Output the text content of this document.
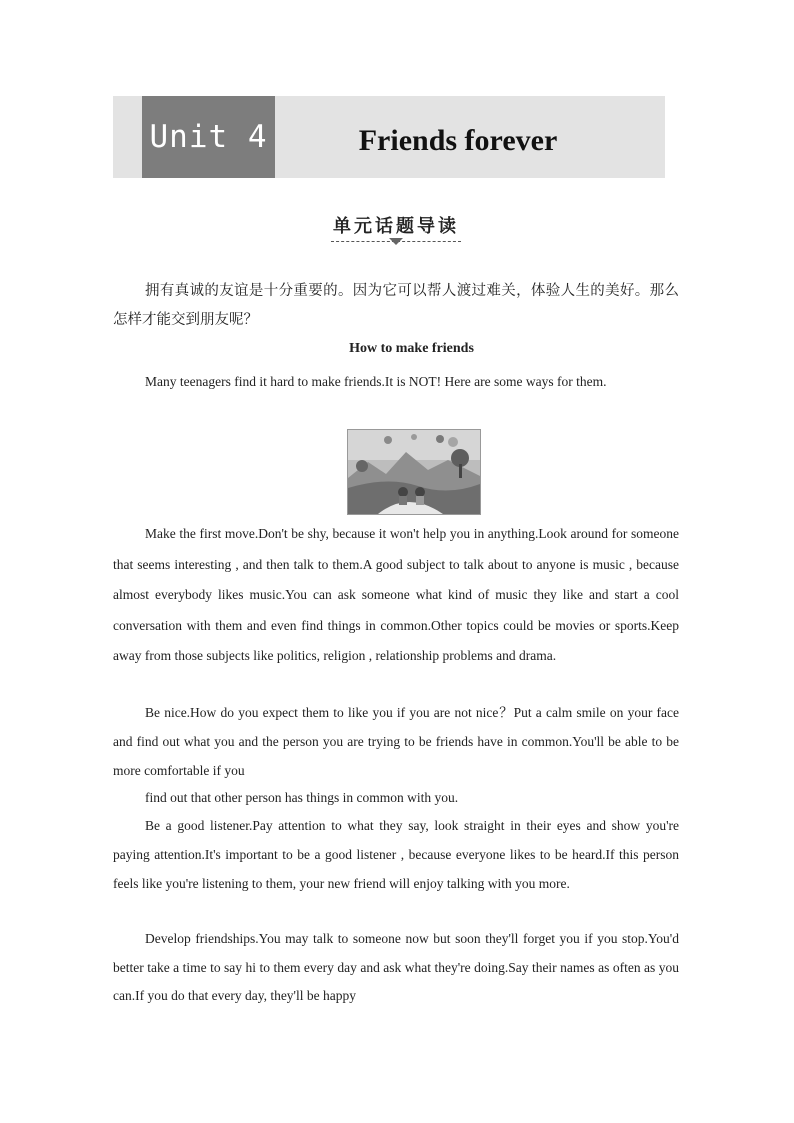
Unit 4	Friends forever
单元话题导读

拥有真诚的友谊是十分重要的。因为它可以帮人渡过难关，体验人生的美好。那么怎样才能交到朋友呢？

How to make friends

Many teenagers find it hard to make friends.It is NOT! Here are some ways for them.

Make the first move.Don't be shy, because it won't help you in anything.Look around for someone that seems interesting , and then talk to them.A good subject to talk about to anyone is music , because almost everybody likes music.You can ask someone what kind of music they like and start a cool conversation with them and even find things in common.Other topics could be movies or sports.Keep away from those subjects like politics, religion , relationship problems and drama.

Be nice.How do you expect them to like you if you are not nice？Put a calm smile on your face and find out what you and the person you are trying to be friends have in common.You'll be able to be more comfortable if you

find out that other person has things in common with you.

Be a good listener.Pay attention to what they say, look straight in their eyes and show you're paying attention.It's important to be a good listener , because everyone likes to be heard.If this person feels like you're listening to them, your new friend will enjoy talking with you more.

Develop friendships.You may talk to someone now but soon they'll forget you if you stop.You'd better take a time to say hi to them every day and ask what they're doing.Say their names as often as you can.If you do that every day, they'll be happy
